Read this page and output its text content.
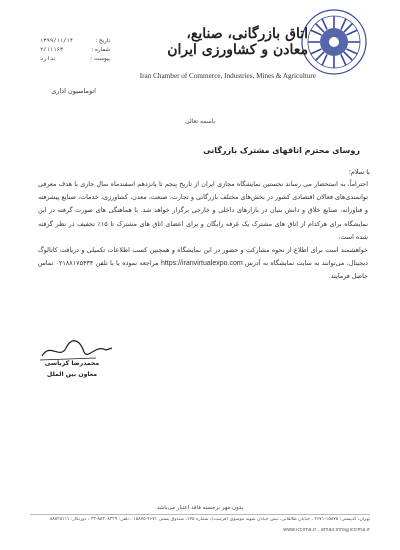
اتاق بازرگانی، صنایع، معادن و کشاورزی ایران
Iran Chamber of Commerce, Industries, Mines & Agriculture
تاریخ :
۱۳۹۹/۱۱/۱۴
شماره :
۲/۱۱۱۶۳
پیوست :
ندارد
اتوماسیون اداری
باسمه تعالی
روسای محترم اتاقهای مشترک بازرگانی
با سلام؛

احتراماً، به استحضار می رساند نخستین نمایشگاه مجازی ایران از تاریخ پنجم تا پانزدهم اسفندماه سال جاری با هدف معرفی توانمندی‌های فعالان اقتصادی کشور در بخش‌های مختلف بازرگانی و تجارت، صنعت، معدن، کشاورزی، خدمات، صنایع پیشرفته و فناورانه، صنایع خلاق و دانش بنیان در بازارهای داخلی و خارجی برگزار خواهد شد. با هماهنگی های صورت گرفته در این نمایشگاه برای هرکدام از اتاق های مشترک یک غرفه رایگان و برای اعضای اتاق های مشترک تا ۱۵٪ تخفیف در نظر گرفته شده است.

خواهشمند است برای اطلاع از نحوه مشارکت و حضور در این نمایشگاه و همچنین کسب اطلاعات تکمیلی و دریافت کاتالوگ دیجیتال، می‌توانند به سایت نمایشگاه به آدرس https://iranvirtualexpo.com مراجعه نموده یا با تلفن ۰۲۱۸۸۱۷۵۴۳۴ تماس حاصل فرمایند.

محمدرضا کرباسی
معاون بین الملل
بدون مهر برجسته فاقد اعتبار می‌باشد
تهران، کدپستی: ۱۵۸۷۵-۴۶۷۱ ، خیابان طالقانی، نبش خیابان شهید موسوی (فرصت)، شماره ۱۷۵، صندوق پستی ۴۶۷۱-۱۵۸۷۵ ، تلفن: ۸۸۳۰۸۳۲۹-۳۳ ، دورنگار: ۸۸۸۲۵۱۱۱
www.iccima.ir , email:info@iccima.ir
